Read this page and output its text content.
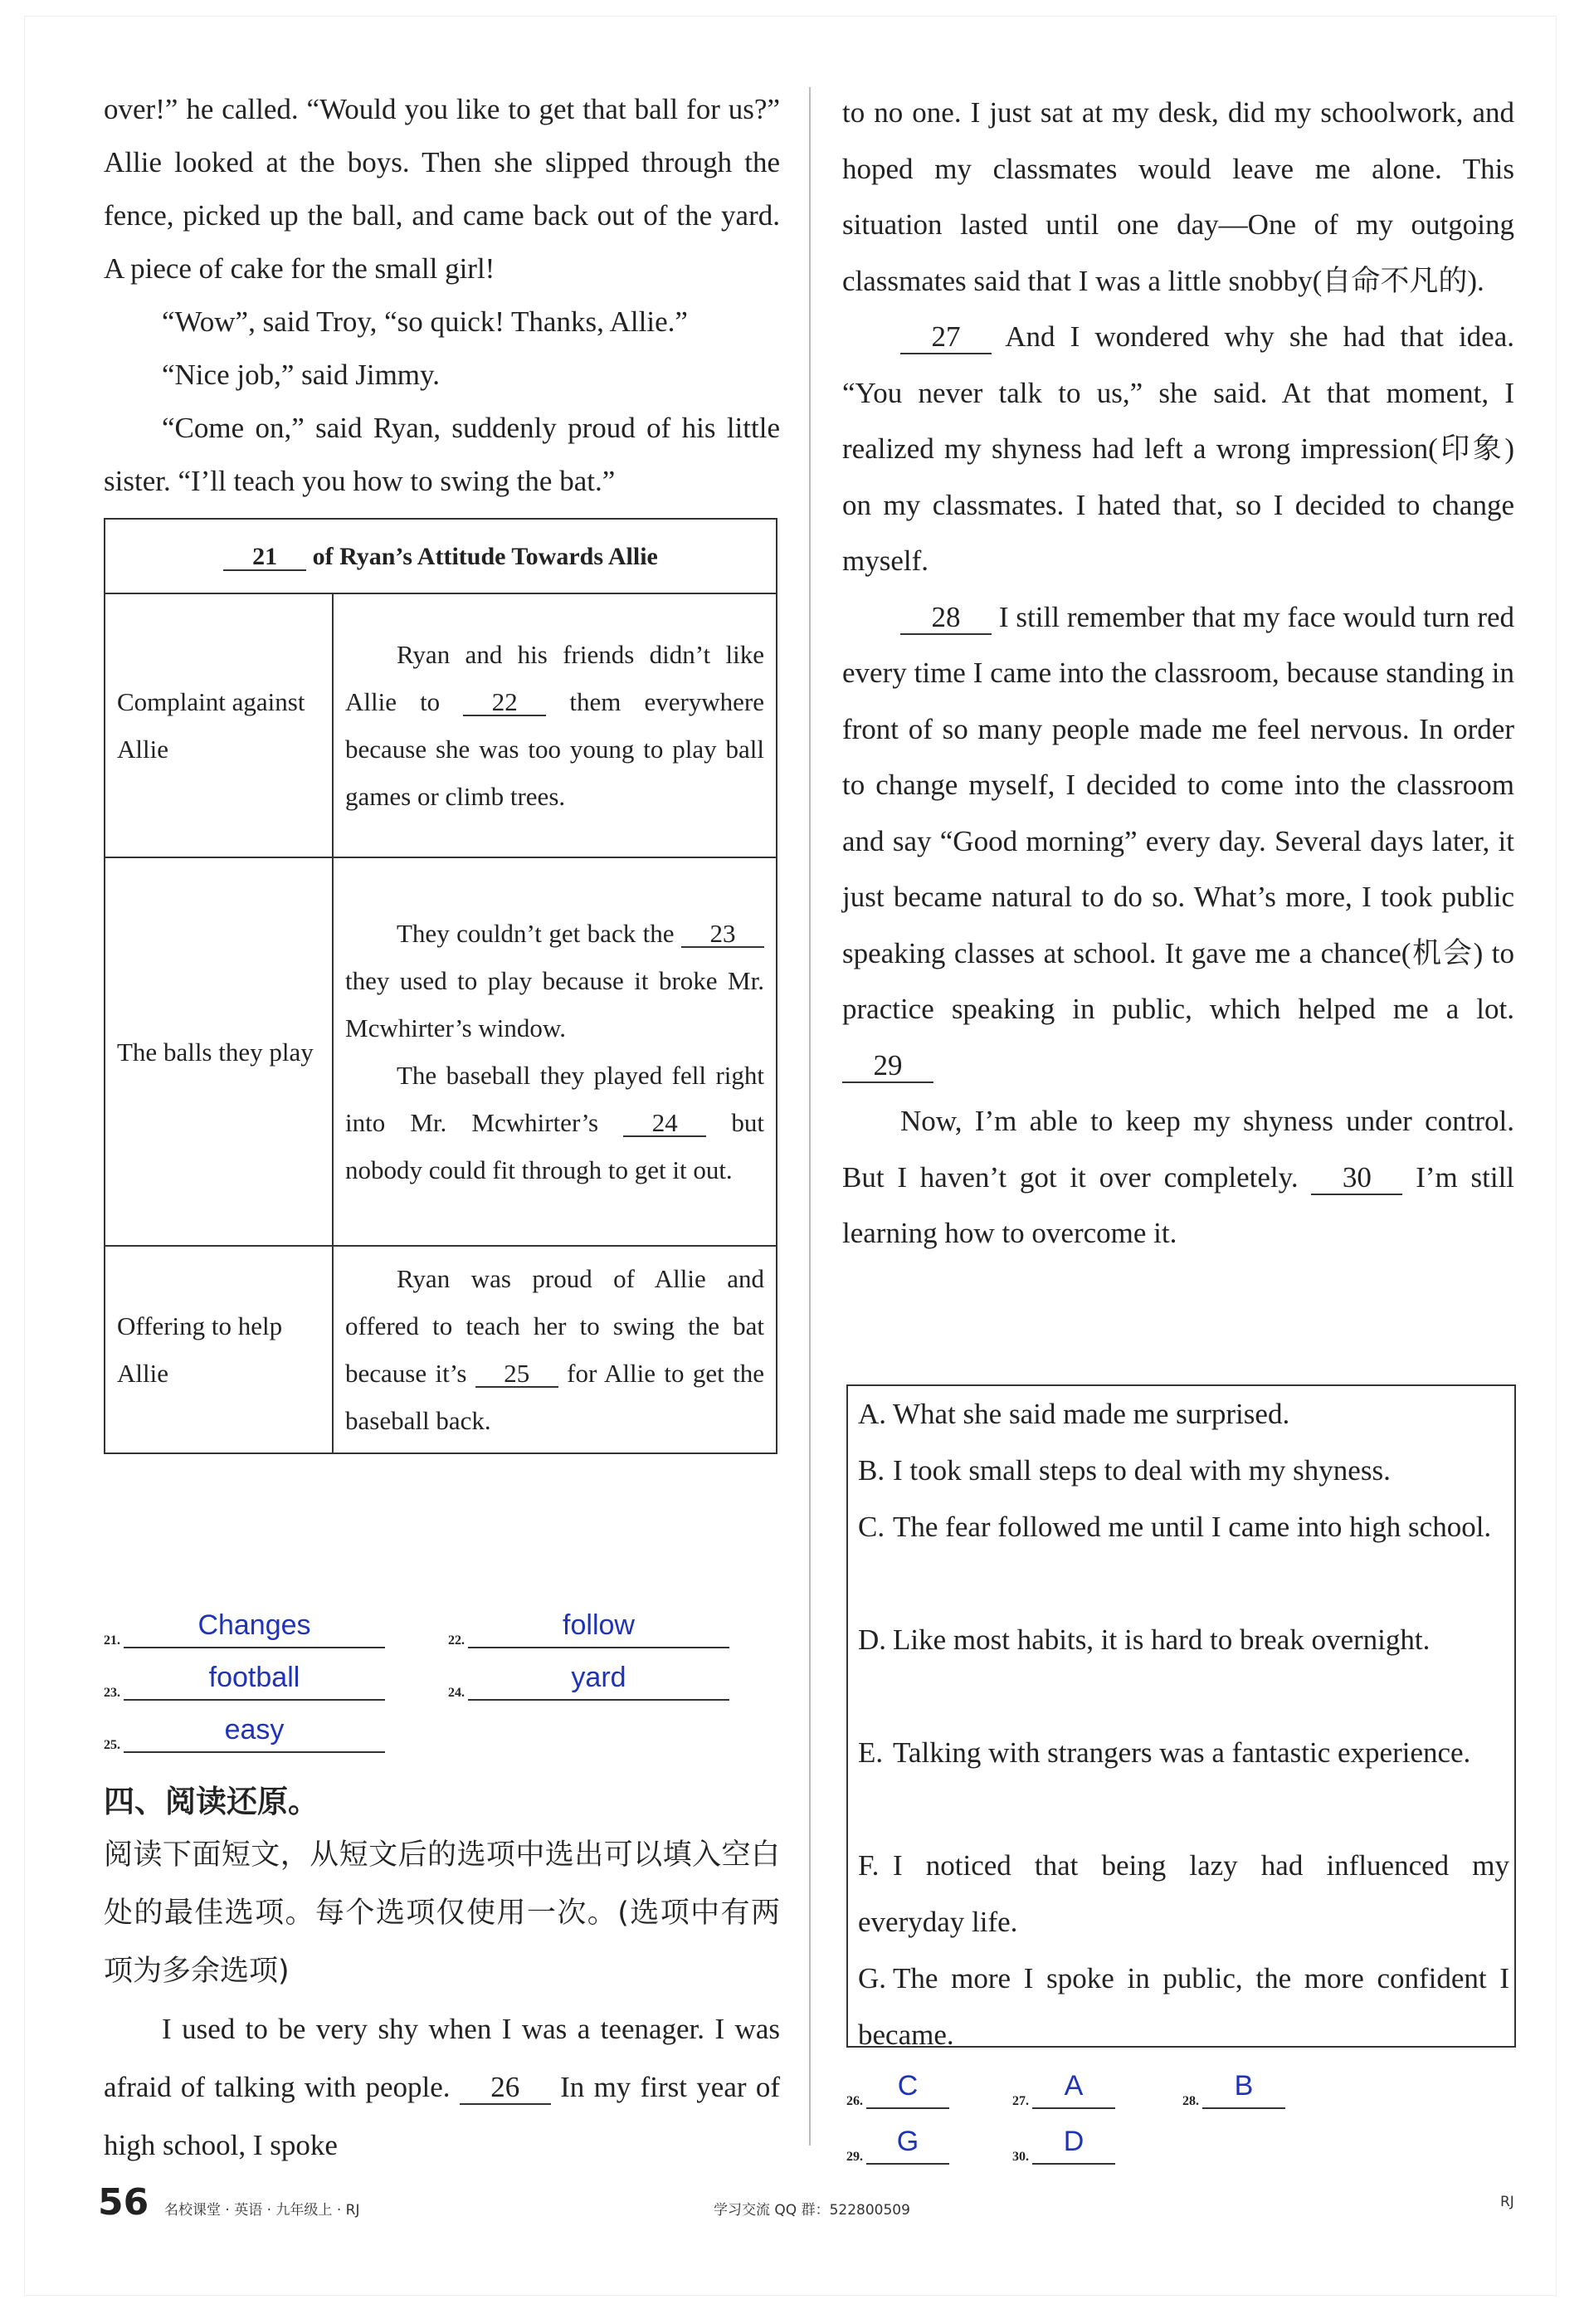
over!” he called. “Would you like to get that ball for us?” Allie looked at the boys. Then she slipped through the fence, picked up the ball, and came back out of the yard. A piece of cake for the small girl!

“Wow”, said Troy, “so quick! Thanks, Allie.”

“Nice job,” said Jimmy.

“Come on,” said Ryan, suddenly proud of his little sister. “I’ll teach you how to swing the bat.”

21 of Ryan’s Attitude Towards Allie	
Complaint against Allie	Ryan and his friends didn’t like Allie to 22 them everywhere because she was too young to play ball games or climb trees.

The balls they play	They couldn’t get back the 23 they used to play because it broke Mr. Mcwhirter’s window.
The baseball they played fell right into Mr. Mcwhirter’s 24 but nobody could fit through to get it out.

Offering to help Allie	Ryan was proud of Allie and offered to teach her to swing the bat because it’s 25 for Allie to get the baseball back.
21.	Changes	22.	follow
23.	football	24.	yard
25.	easy
四、阅读还原。
阅读下面短文，从短文后的选项中选出可以填入空白处的最佳选项。每个选项仅使用一次。(选项中有两项为多余选项)

I used to be very shy when I was a teenager. I was afraid of talking with people. 26 In my first year of high school, I spoke

to no one. I just sat at my desk, did my schoolwork, and hoped my classmates would leave me alone. This situation lasted until one day—One of my outgoing classmates said that I was a little snobby(自命不凡的).

27 And I wondered why she had that idea. “You never talk to us,” she said. At that moment, I realized my shyness had left a wrong impression(印象) on my classmates. I hated that, so I decided to change myself.

28 I still remember that my face would turn red every time I came into the classroom, because standing in front of so many people made me feel nervous. In order to change myself, I decided to come into the classroom and say “Good morning” every day. Several days later, it just became natural to do so. What’s more, I took public speaking classes at school. It gave me a chance(机会) to practice speaking in public, which helped me a lot. 29

Now, I’m able to keep my shyness under control. But I haven’t got it over completely. 30 I’m still learning how to overcome it.

A. What she said made me surprised.
B. I took small steps to deal with my shyness.
C. The fear followed me until I came into high school.
D. Like most habits, it is hard to break overnight.
E. Talking with strangers was a fantastic experience.
F. I noticed that being lazy had influenced my everyday life.
G. The more I spoke in public, the more confident I became.
26.	C	27.	A	28.	B
29.	G	30.	D
56 名校课堂 · 英语 · 九年级上 · RJ	学习交流 QQ 群：522800509	RJ
